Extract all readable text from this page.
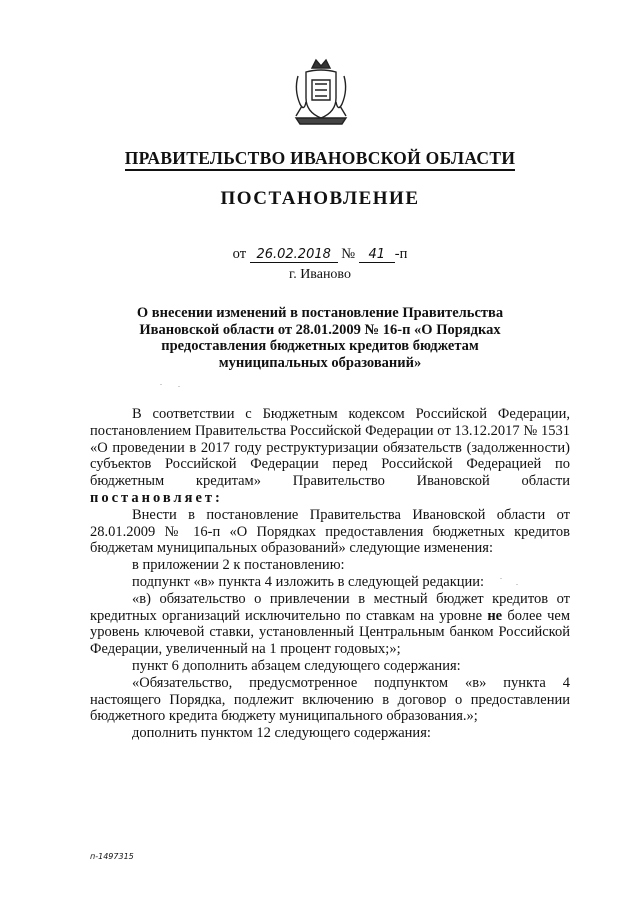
ПРАВИТЕЛЬСТВО ИВАНОВСКОЙ ОБЛАСТИ
ПОСТАНОВЛЕНИЕ
от 26.02.2018 № 41 -п
г. Иваново
О внесении изменений в постановление Правительства Ивановской области от 28.01.2009 № 16-п «О Порядках предоставления бюджетных кредитов бюджетам муниципальных образований»

В соответствии с Бюджетным кодексом Российской Федерации, постановлением Правительства Российской Федерации от 13.12.2017 № 1531 «О проведении в 2017 году реструктуризации обязательств (задолженности) субъектов Российской Федерации перед Российской Федерацией по бюджетным кредитам» Правительство Ивановской области постановляет:

Внести в постановление Правительства Ивановской области от 28.01.2009 № 16-п «О Порядках предоставления бюджетных кредитов бюджетам муниципальных образований» следующие изменения:

в приложении 2 к постановлению:

подпункт «в» пункта 4 изложить в следующей редакции:

«в) обязательство о привлечении в местный бюджет кредитов от кредитных организаций исключительно по ставкам на уровне не более чем уровень ключевой ставки, установленный Центральным банком Российской Федерации, увеличенный на 1 процент годовых;»;

пункт 6 дополнить абзацем следующего содержания:

«Обязательство, предусмотренное подпунктом «в» пункта 4 настоящего Порядка, подлежит включению в договор о предоставлении бюджетного кредита бюджету муниципального образования.»;

дополнить пунктом 12 следующего содержания:

п-1497315
